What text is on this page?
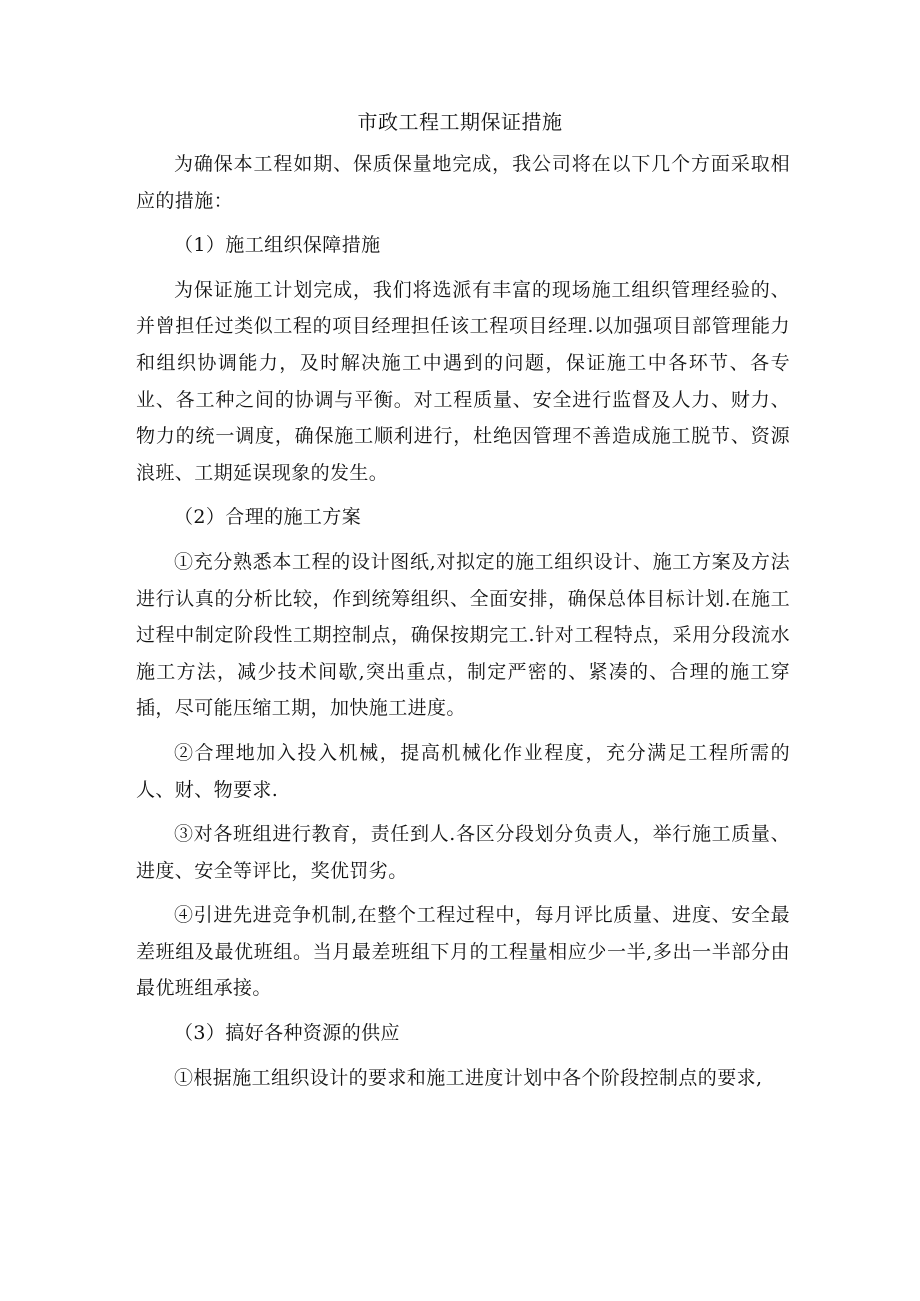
市政工程工期保证措施

为确保本工程如期、保质保量地完成，我公司将在以下几个方面采取相应的措施：

（1）施工组织保障措施

为保证施工计划完成，我们将选派有丰富的现场施工组织管理经验的、并曾担任过类似工程的项目经理担任该工程项目经理.以加强项目部管理能力和组织协调能力，及时解决施工中遇到的问题，保证施工中各环节、各专业、各工种之间的协调与平衡。对工程质量、安全进行监督及人力、财力、物力的统一调度，确保施工顺利进行，杜绝因管理不善造成施工脱节、资源浪班、工期延误现象的发生。

（2）合理的施工方案

①充分熟悉本工程的设计图纸,对拟定的施工组织设计、施工方案及方法进行认真的分析比较，作到统筹组织、全面安排，确保总体目标计划.在施工过程中制定阶段性工期控制点，确保按期完工.针对工程特点，采用分段流水施工方法，减少技术间歇,突出重点，制定严密的、紧凑的、合理的施工穿插，尽可能压缩工期，加快施工进度。

②合理地加入投入机械，提高机械化作业程度，充分满足工程所需的人、财、物要求.

③对各班组进行教育，责任到人.各区分段划分负责人，举行施工质量、进度、安全等评比，奖优罚劣。

④引进先进竞争机制,在整个工程过程中，每月评比质量、进度、安全最差班组及最优班组。当月最差班组下月的工程量相应少一半,多出一半部分由最优班组承接。

（3）搞好各种资源的供应

①根据施工组织设计的要求和施工进度计划中各个阶段控制点的要求,
